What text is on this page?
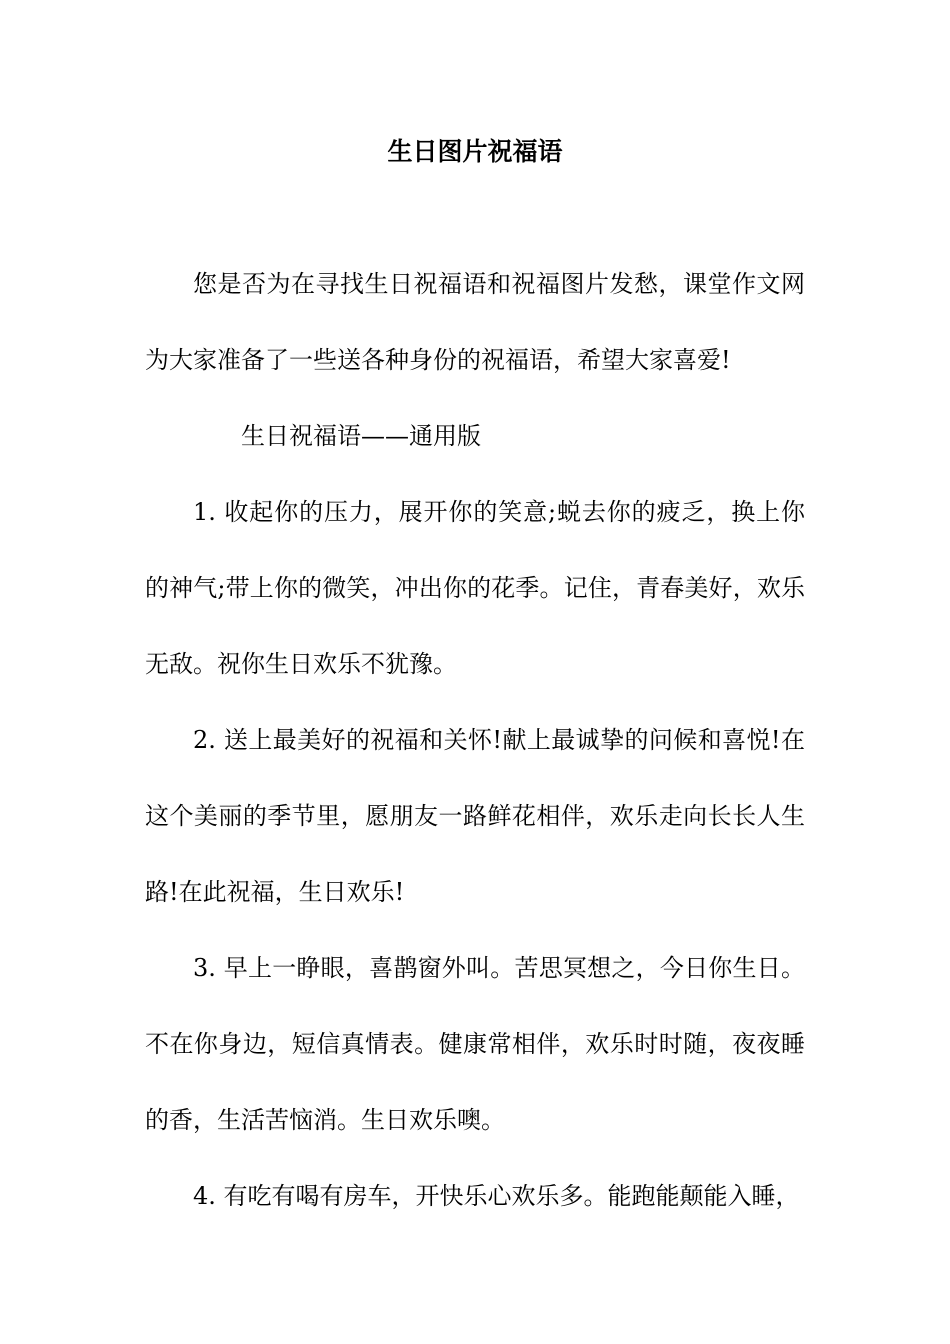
生日图片祝福语

您是否为在寻找生日祝福语和祝福图片发愁，课堂作文网为大家准备了一些送各种身份的祝福语，希望大家喜爱!

生日祝福语——通用版

1. 收起你的压力，展开你的笑意;蜕去你的疲乏，换上你的神气;带上你的微笑，冲出你的花季。记住，青春美好，欢乐无敌。祝你生日欢乐不犹豫。

2. 送上最美好的祝福和关怀!献上最诚挚的问候和喜悦!在这个美丽的季节里，愿朋友一路鲜花相伴，欢乐走向长长人生路!在此祝福，生日欢乐!

3. 早上一睁眼，喜鹊窗外叫。苦思冥想之，今日你生日。不在你身边，短信真情表。健康常相伴，欢乐时时随，夜夜睡的香，生活苦恼消。生日欢乐噢。

4. 有吃有喝有房车，开快乐心欢乐多。能跑能颠能入睡，
